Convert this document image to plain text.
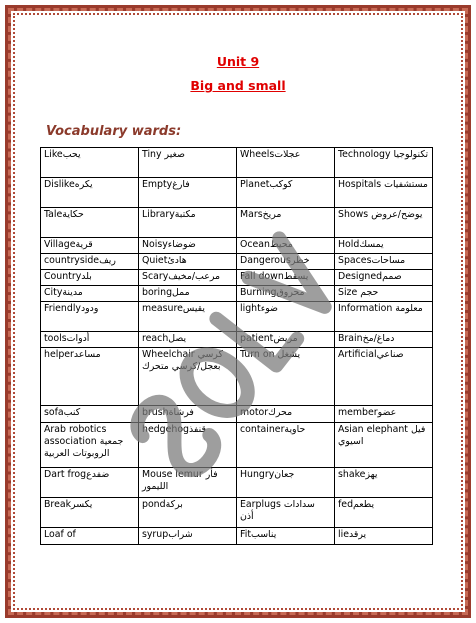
Unit 9
Big and small
Vocabulary wards:
Likeيحب	Tiny صغير	Wheelsعجلات	Technology تكنولوجيا
Dislikeيكره	Emptyفارغ	Planetكوكب	Hospitals مستشفيات
Taleحكاية	Libraryمكتبة	Marsمريخ	Shows يوضح/عروض
Villageقرية	Noisyضوضاء	Oceanمحيط	Holdيمسك
countrysideريف	Quietهادئ	Dangerousخطر	Spacesمساحات
Countryبلد	Scaryمرعب/مخيف	Fall downيسقط	Designedصمم
Cityمدينة	boringممل	Burningمحروق	Size حجم
Friendlyودود	measureيقيس	lightضوء	Information معلومة
toolsأدوات	reachيصل	patientمريض	Brainدماغ/مخ
helperمساعد	Wheelchair كرسي بعجل/كرسي متحرك	Turn on يشغل	Artificialصناعي
sofaكنب	brushفرشاة	motorمحرك	memberعضو
Arab robotics association جمعية الروبوتات العربية	hedgehogقنفذ	containerحاوية	Asian elephant فيل اسيوي
Dart frogضفدع	Mouse lemur فأر الليمور	Hungryجعان	shakeيهز
Breakيكسر	pondبركة	Earplugs سدادات أذن	fedيطعم
Loaf of	syrupشراب	Fitيناسب	lieيرقد
SOLV
